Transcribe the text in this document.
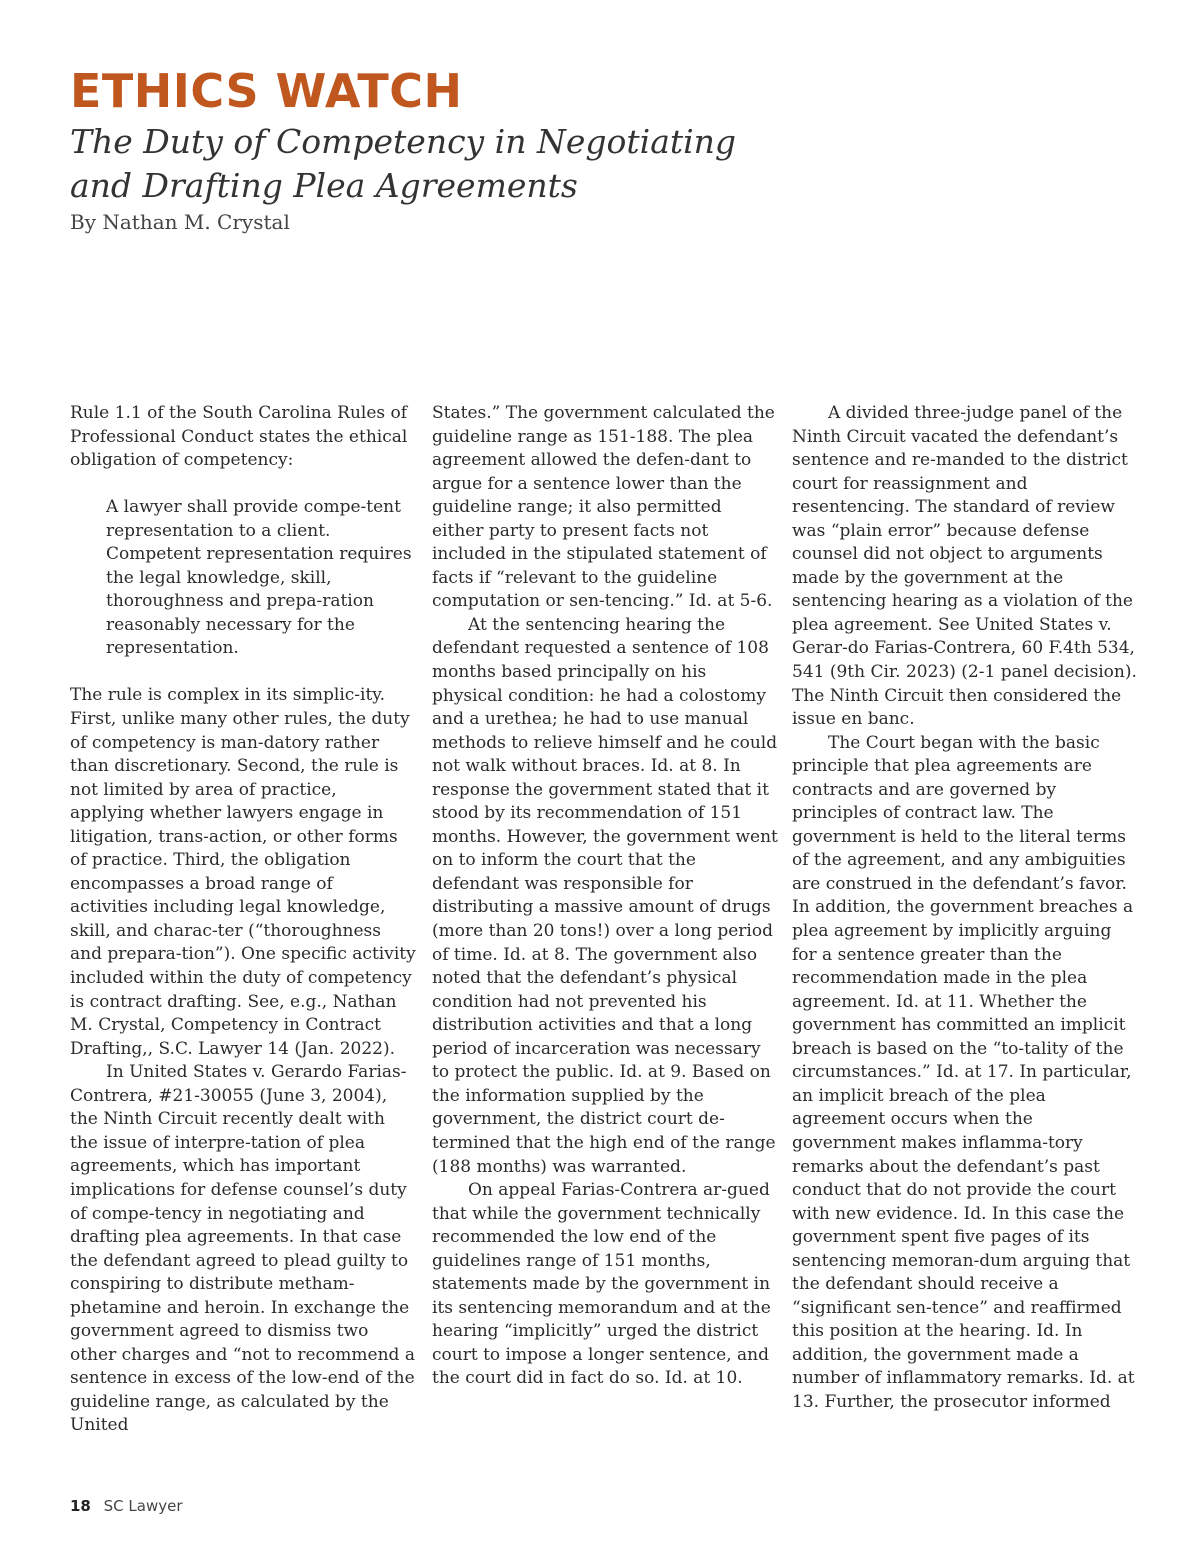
ETHICS WATCH
The Duty of Competency in Negotiating
and Drafting Plea Agreements
By Nathan M. Crystal

Rule 1.1 of the South Carolina Rules of Professional Conduct states the ethical obligation of competency:

A lawyer shall provide compe-tent representation to a client. Competent representation requires the legal knowledge, skill, thoroughness and prepa-ration reasonably necessary for the representation.

The rule is complex in its simplic-ity. First, unlike many other rules, the duty of competency is man-datory rather than discretionary. Second, the rule is not limited by area of practice, applying whether lawyers engage in litigation, trans-action, or other forms of practice. Third, the obligation encompasses a broad range of activities including legal knowledge, skill, and charac-ter (“thoroughness and prepara-tion”). One specific activity included within the duty of competency is contract drafting. See, e.g., Nathan M. Crystal, Competency in Contract Drafting,, S.C. Lawyer 14 (Jan. 2022).

In United States v. Gerardo Farias-Contrera, #21-30055 (June 3, 2004), the Ninth Circuit recently dealt with the issue of interpre-tation of plea agreements, which has important implications for defense counsel’s duty of compe-tency in negotiating and drafting plea agreements. In that case the defendant agreed to plead guilty to conspiring to distribute metham-phetamine and heroin. In exchange the government agreed to dismiss two other charges and “not to recommend a sentence in excess of the low-end of the guideline range, as calculated by the United

States.” The government calculated the guideline range as 151-188. The plea agreement allowed the defen-dant to argue for a sentence lower than the guideline range; it also permitted either party to present facts not included in the stipulated statement of facts if “relevant to the guideline computation or sen-tencing.” Id. at 5-6.

At the sentencing hearing the defendant requested a sentence of 108 months based principally on his physical condition: he had a colostomy and a urethea; he had to use manual methods to relieve himself and he could not walk without braces. Id. at 8. In response the government stated that it stood by its recommendation of 151 months. However, the government went on to inform the court that the defendant was responsible for distributing a massive amount of drugs (more than 20 tons!) over a long period of time. Id. at 8. The government also noted that the defendant’s physical condition had not prevented his distribution activities and that a long period of incarceration was necessary to protect the public. Id. at 9. Based on the information supplied by the government, the district court de-termined that the high end of the range (188 months) was warranted.

On appeal Farias-Contrera ar-gued that while the government technically recommended the low end of the guidelines range of 151 months, statements made by the government in its sentencing memorandum and at the hearing “implicitly” urged the district court to impose a longer sentence, and the court did in fact do so. Id. at 10.

A divided three-judge panel of the Ninth Circuit vacated the defendant’s sentence and re-manded to the district court for reassignment and resentencing. The standard of review was “plain error” because defense counsel did not object to arguments made by the government at the sentencing hearing as a violation of the plea agreement. See United States v. Gerar-do Farias-Contrera, 60 F.4th 534, 541 (9th Cir. 2023) (2-1 panel decision). The Ninth Circuit then considered the issue en banc.

The Court began with the basic principle that plea agreements are contracts and are governed by principles of contract law. The government is held to the literal terms of the agreement, and any ambiguities are construed in the defendant’s favor. In addition, the government breaches a plea agreement by implicitly arguing for a sentence greater than the recommendation made in the plea agreement. Id. at 11. Whether the government has committed an implicit breach is based on the “to-tality of the circumstances.” Id. at 17. In particular, an implicit breach of the plea agreement occurs when the government makes inflamma-tory remarks about the defendant’s past conduct that do not provide the court with new evidence. Id. In this case the government spent five pages of its sentencing memoran-dum arguing that the defendant should receive a “significant sen-tence” and reaffirmed this position at the hearing. Id. In addition, the government made a number of inflammatory remarks. Id. at 13. Further, the prosecutor informed

18 SC Lawyer
